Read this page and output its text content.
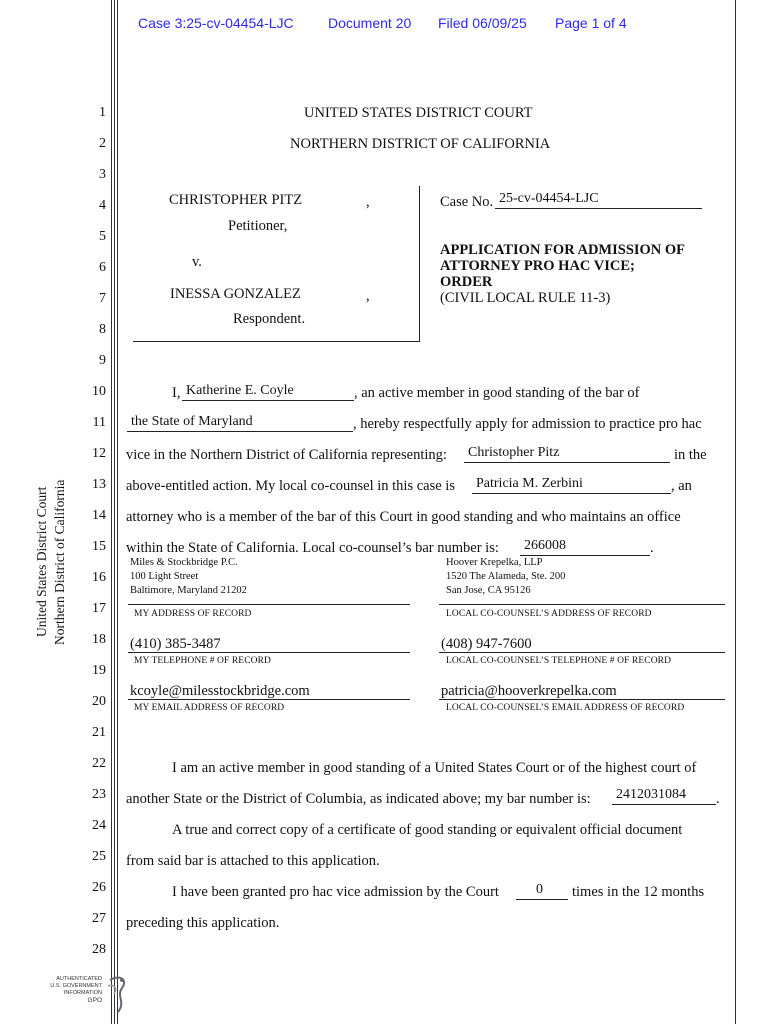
Case 3:25-cv-04454-LJC Document 20 Filed 06/09/25 Page 1 of 4
1
2
3
4
5
6
7
8
9
10
11
12
13
14
15
16
17
18
19
20
21
22
23
24
25
26
27
28
United States District Court Northern District of California
UNITED STATES DISTRICT COURT
NORTHERN DISTRICT OF CALIFORNIA
CHRISTOPHER PITZ	,
Petitioner,
v.
INESSA GONZALEZ	,
Respondent.
Case No. 25-cv-04454-LJC
APPLICATION FOR ADMISSION OF
ATTORNEY PRO HAC VICE;
ORDER
(CIVIL LOCAL RULE 11-3)
I, Katherine E. Coyle	, an active member in good standing of the bar of
the State of Maryland	, hereby respectfully apply for admission to practice pro hac
vice in the Northern District of California representing: Christopher Pitz	in the
above-entitled action. My local co-counsel in this case is Patricia M. Zerbini	, an
attorney who is a member of the bar of this Court in good standing and who maintains an office
within the State of California. Local co-counsel’s bar number is: 266008	.
Miles & Stockbridge P.C.
100 Light Street
Baltimore, Maryland 21202
MY ADDRESS OF RECORD
Hoover Krepelka, LLP
1520 The Alameda, Ste. 200
San Jose, CA 95126
LOCAL CO-COUNSEL’S ADDRESS OF RECORD
(410) 385-3487
MY TELEPHONE # OF RECORD
(408) 947-7600
LOCAL CO-COUNSEL’S TELEPHONE # OF RECORD
kcoyle@milesstockbridge.com
MY EMAIL ADDRESS OF RECORD
patricia@hooverkrepelka.com
LOCAL CO-COUNSEL’S EMAIL ADDRESS OF RECORD
I am an active member in good standing of a United States Court or of the highest court of
another State or the District of Columbia, as indicated above; my bar number is: 2412031084 .
A true and correct copy of a certificate of good standing or equivalent official document
from said bar is attached to this application.
I have been granted pro hac vice admission by the Court	0 times in the 12 months
preceding this application.
AUTHENTICATED
U.S. GOVERNMENT
INFORMATION
GPO
